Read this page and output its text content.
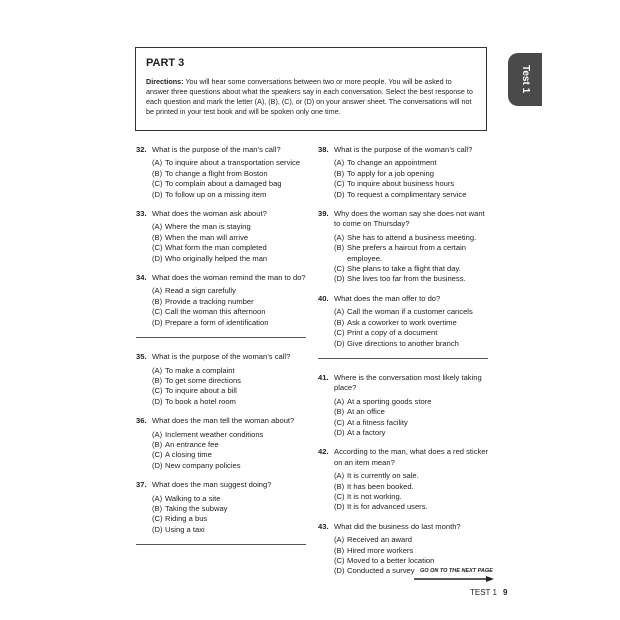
Test 1
PART 3
Directions: You will hear some conversations between two or more people. You will be asked to answer three questions about what the speakers say in each conversation. Select the best response to each question and mark the letter (A), (B), (C), or (D) on your answer sheet. The conversations will not be printed in your test book and will be spoken only one time.
32. What is the purpose of the man’s call?
(A) To inquire about a transportation service
(B) To change a flight from Boston
(C) To complain about a damaged bag
(D) To follow up on a missing item
33. What does the woman ask about?
(A) Where the man is staying
(B) When the man will arrive
(C) What form the man completed
(D) Who originally helped the man
34. What does the woman remind the man to do?
(A) Read a sign carefully
(B) Provide a tracking number
(C) Call the woman this afternoon
(D) Prepare a form of identification
35. What is the purpose of the woman’s call?
(A) To make a complaint
(B) To get some directions
(C) To inquire about a bill
(D) To book a hotel room
36. What does the man tell the woman about?
(A) Inclement weather conditions
(B) An entrance fee
(C) A closing time
(D) New company policies
37. What does the man suggest doing?
(A) Walking to a site
(B) Taking the subway
(C) Riding a bus
(D) Using a taxi
38. What is the purpose of the woman’s call?
(A) To change an appointment
(B) To apply for a job opening
(C) To inquire about business hours
(D) To request a complimentary service
39. Why does the woman say she does not want to come on Thursday?
(A) She has to attend a business meeting.
(B) She prefers a haircut from a certain employee.
(C) She plans to take a flight that day.
(D) She lives too far from the business.
40. What does the man offer to do?
(A) Call the woman if a customer cancels
(B) Ask a coworker to work overtime
(C) Print a copy of a document
(D) Give directions to another branch
41. Where is the conversation most likely taking place?
(A) At a sporting goods store
(B) At an office
(C) At a fitness facility
(D) At a factory
42. According to the man, what does a red sticker on an item mean?
(A) It is currently on sale.
(B) It has been booked.
(C) It is not working.
(D) It is for advanced users.
43. What did the business do last month?
(A) Received an award
(B) Hired more workers
(C) Moved to a better location
(D) Conducted a survey GO ON TO THE NEXT PAGE
TEST 1 9
